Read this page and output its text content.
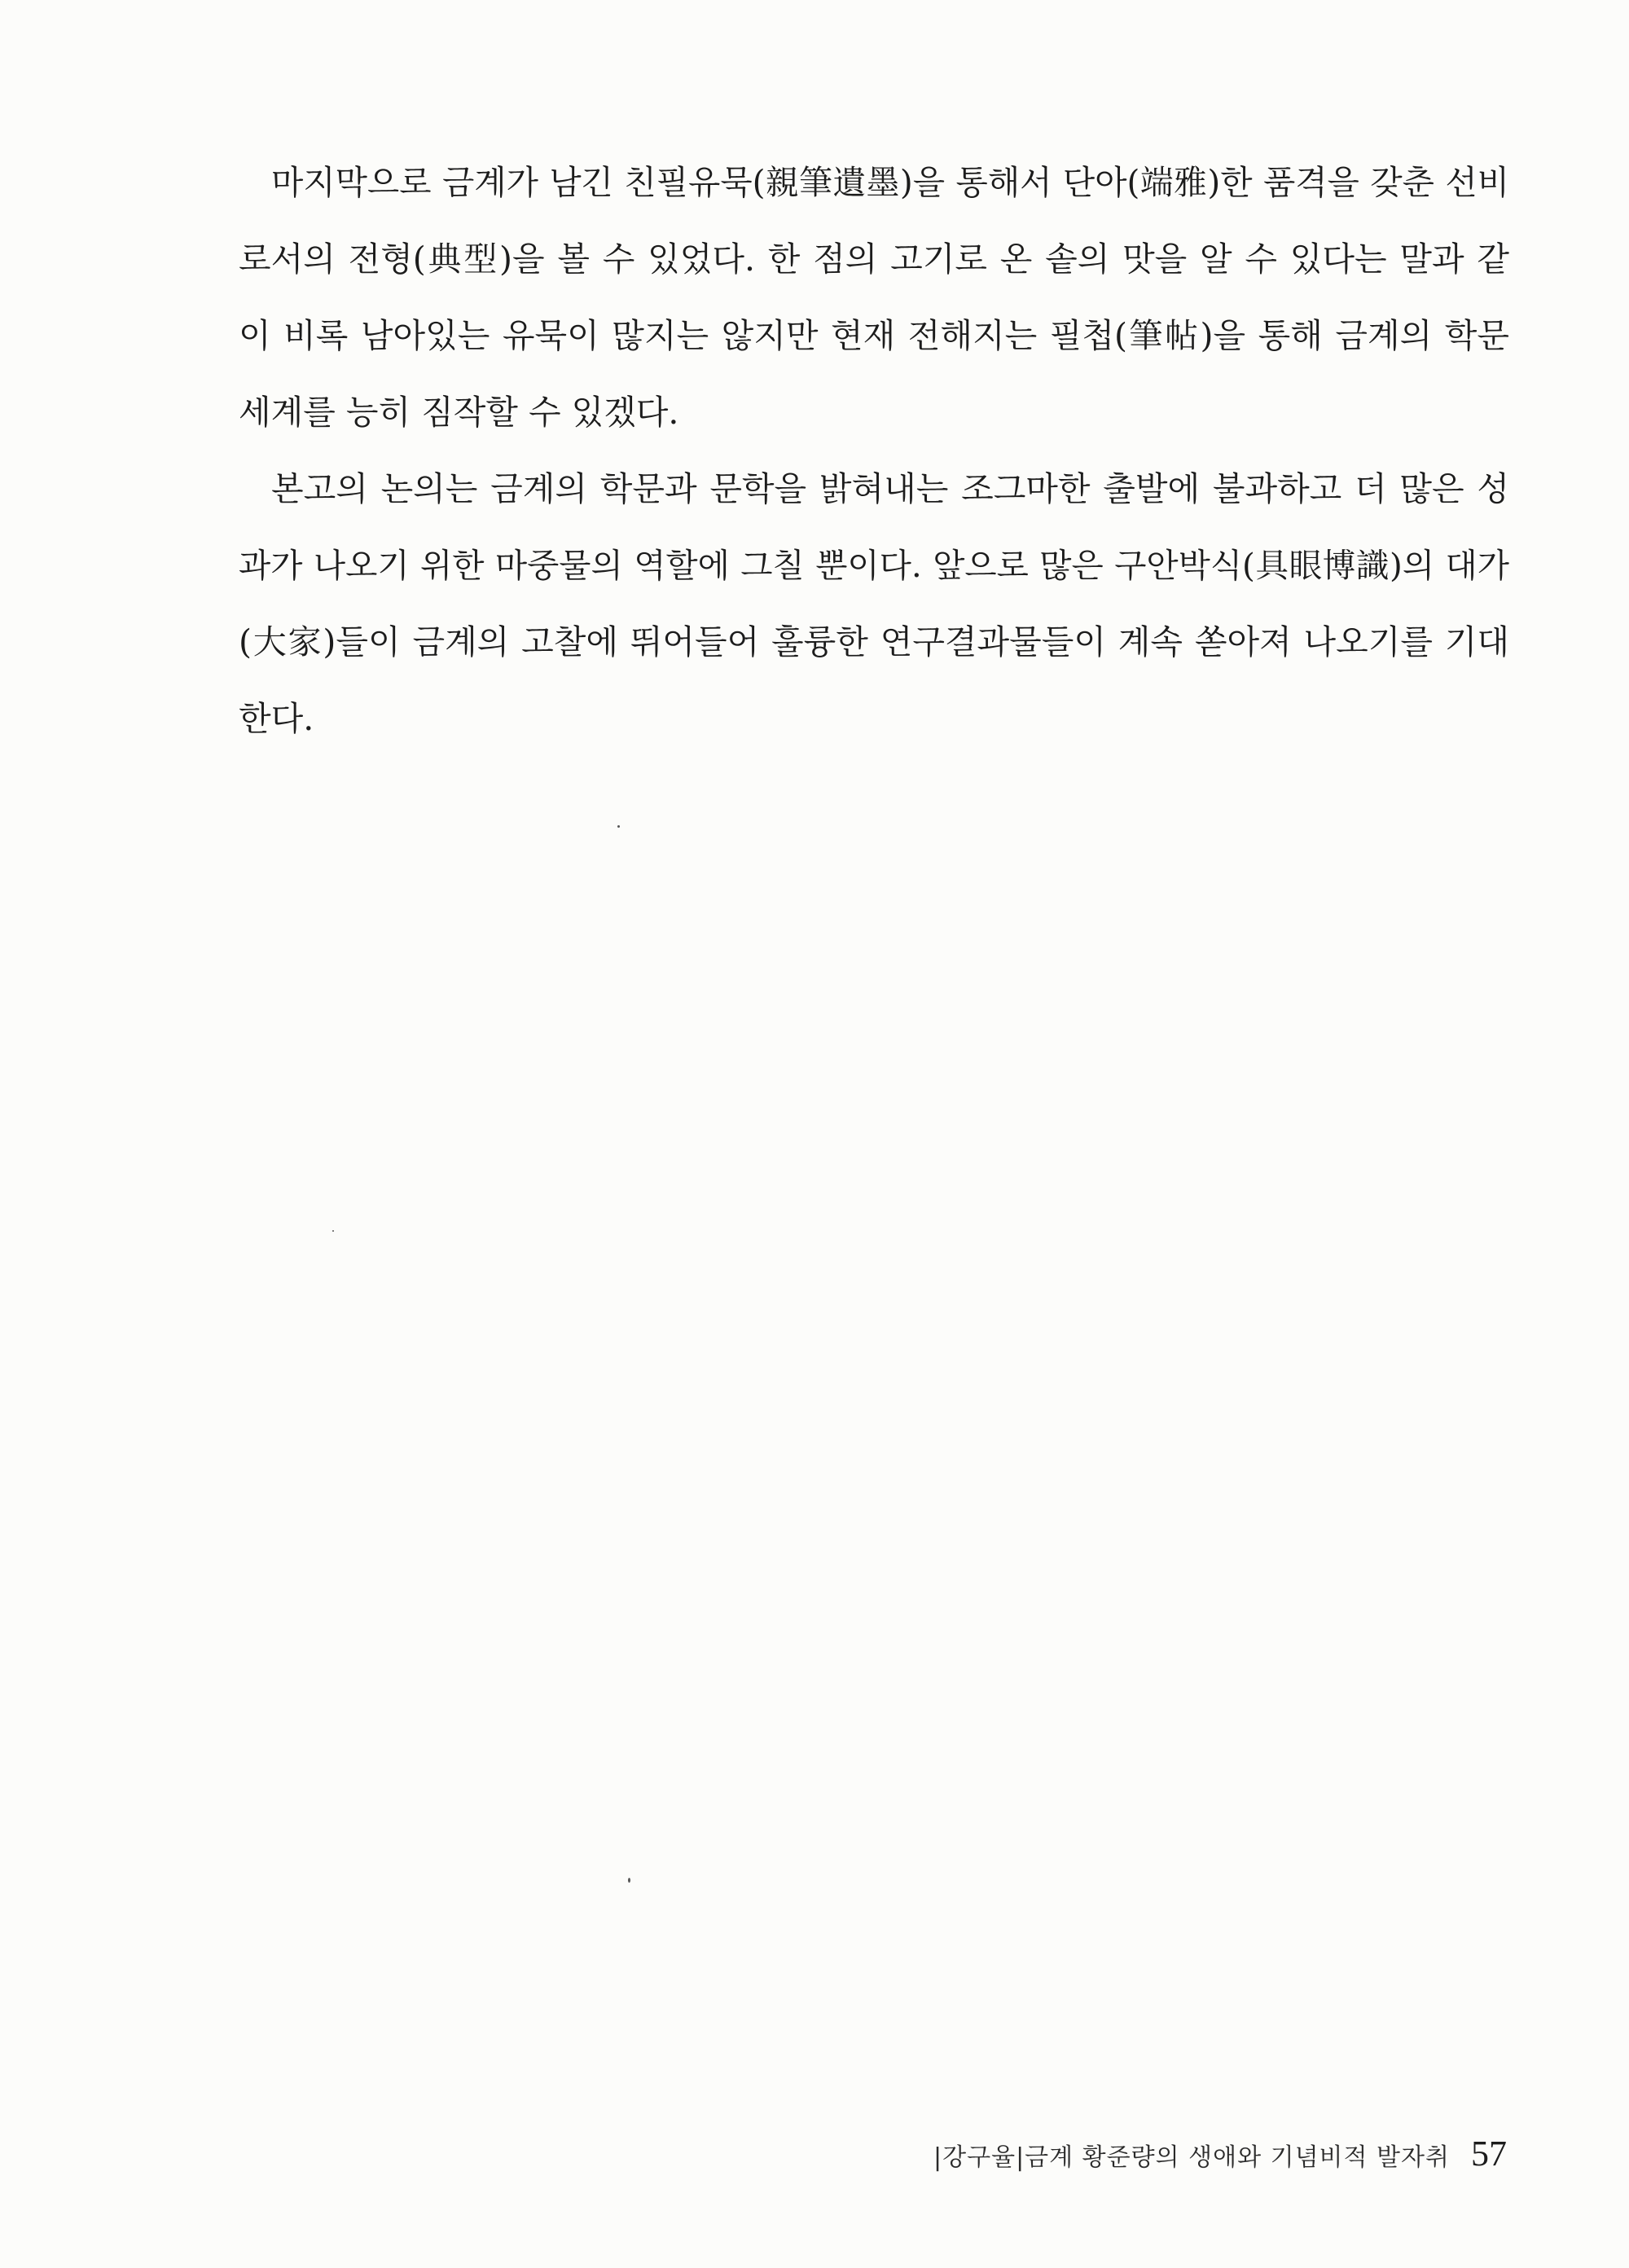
마지막으로 금계가 남긴 친필유묵(親筆遺墨)을 통해서 단아(端雅)한 품격을 갖춘 선비
로서의 전형(典型)을 볼 수 있었다. 한 점의 고기로 온 솥의 맛을 알 수 있다는 말과 같
이 비록 남아있는 유묵이 많지는 않지만 현재 전해지는 필첩(筆帖)을 통해 금계의 학문
세계를 능히 짐작할 수 있겠다.
본고의 논의는 금계의 학문과 문학을 밝혀내는 조그마한 출발에 불과하고 더 많은 성
과가 나오기 위한 마중물의 역할에 그칠 뿐이다. 앞으로 많은 구안박식(具眼博識)의 대가
(大家)들이 금계의 고찰에 뛰어들어 훌륭한 연구결과물들이 계속 쏟아져 나오기를 기대
한다.
|강구율|금계 황준량의 생애와 기념비적 발자취 57
